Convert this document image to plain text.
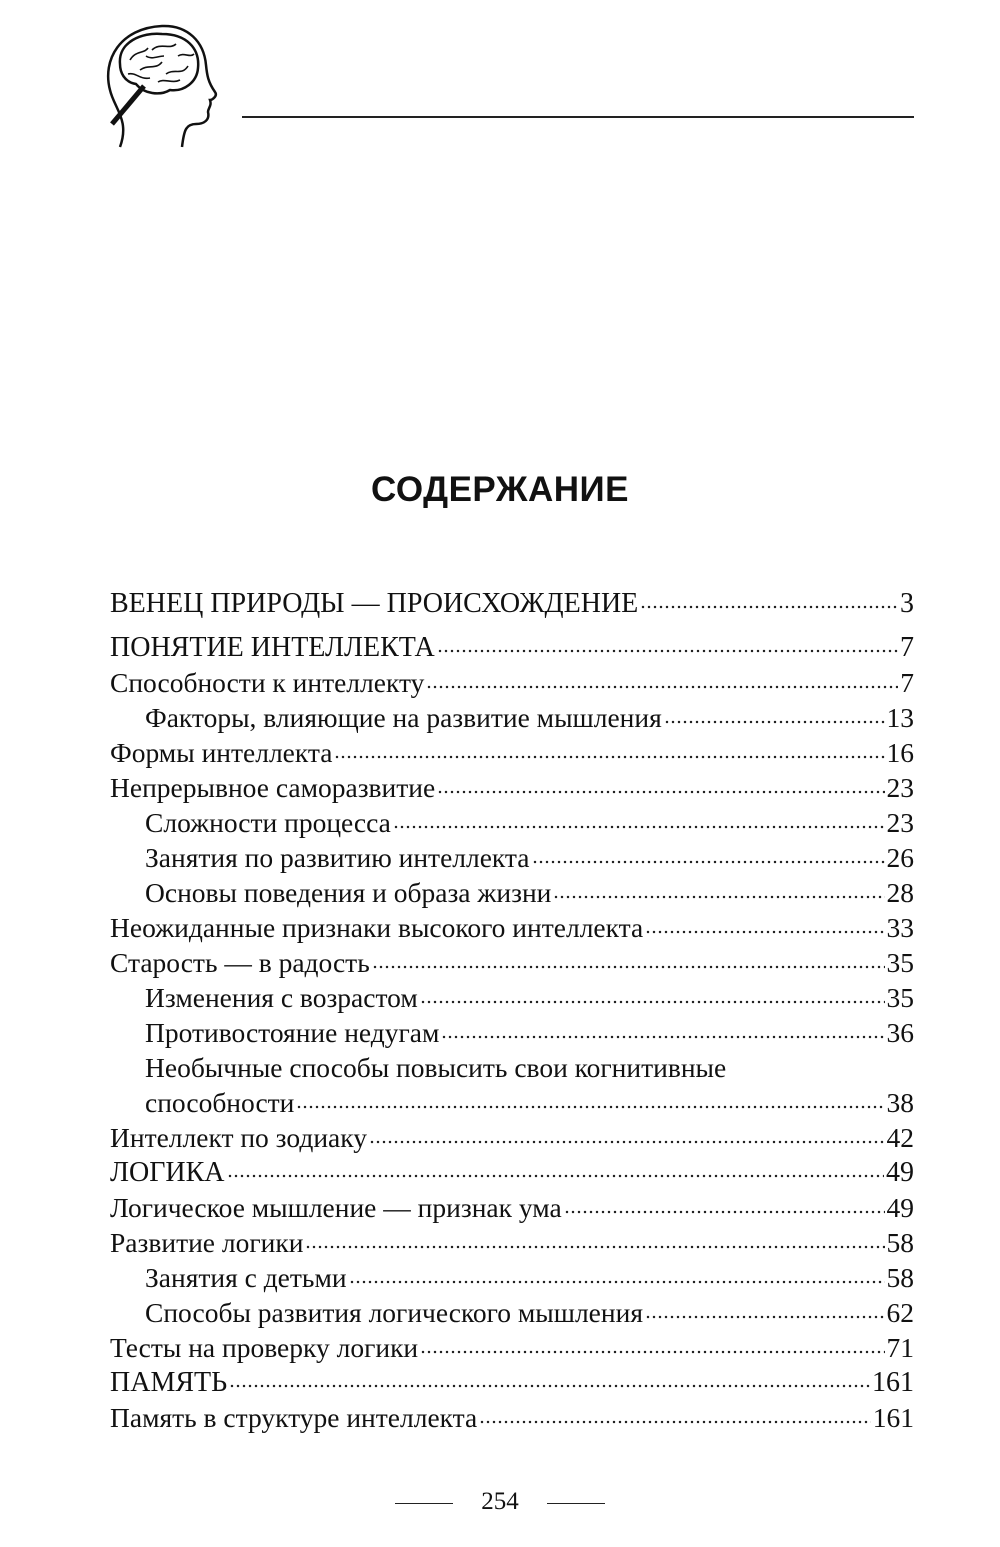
СОДЕРЖАНИЕ
ВЕНЕЦ ПРИРОДЫ — ПРОИСХОЖДЕНИЕ	3
ПОНЯТИЕ ИНТЕЛЛЕКТА	7
Способности к интеллекту	7
Факторы, влияющие на развитие мышления	13
Формы интеллекта	16
Непрерывное саморазвитие	23
Сложности процесса	23
Занятия по развитию интеллекта	26
Основы поведения и образа жизни	28
Неожиданные признаки высокого интеллекта	33
Старость — в радость	35
Изменения с возрастом	35
Противостояние недугам	36
Необычные способы повысить свои когнитивные
способности	38
Интеллект по зодиаку	42
ЛОГИКА	49
Логическое мышление — признак ума	49
Развитие логики	58
Занятия с детьми	58
Способы развития логического мышления	62
Тесты на проверку логики	71
ПАМЯТЬ	161
Память в структуре интеллекта	161
254
